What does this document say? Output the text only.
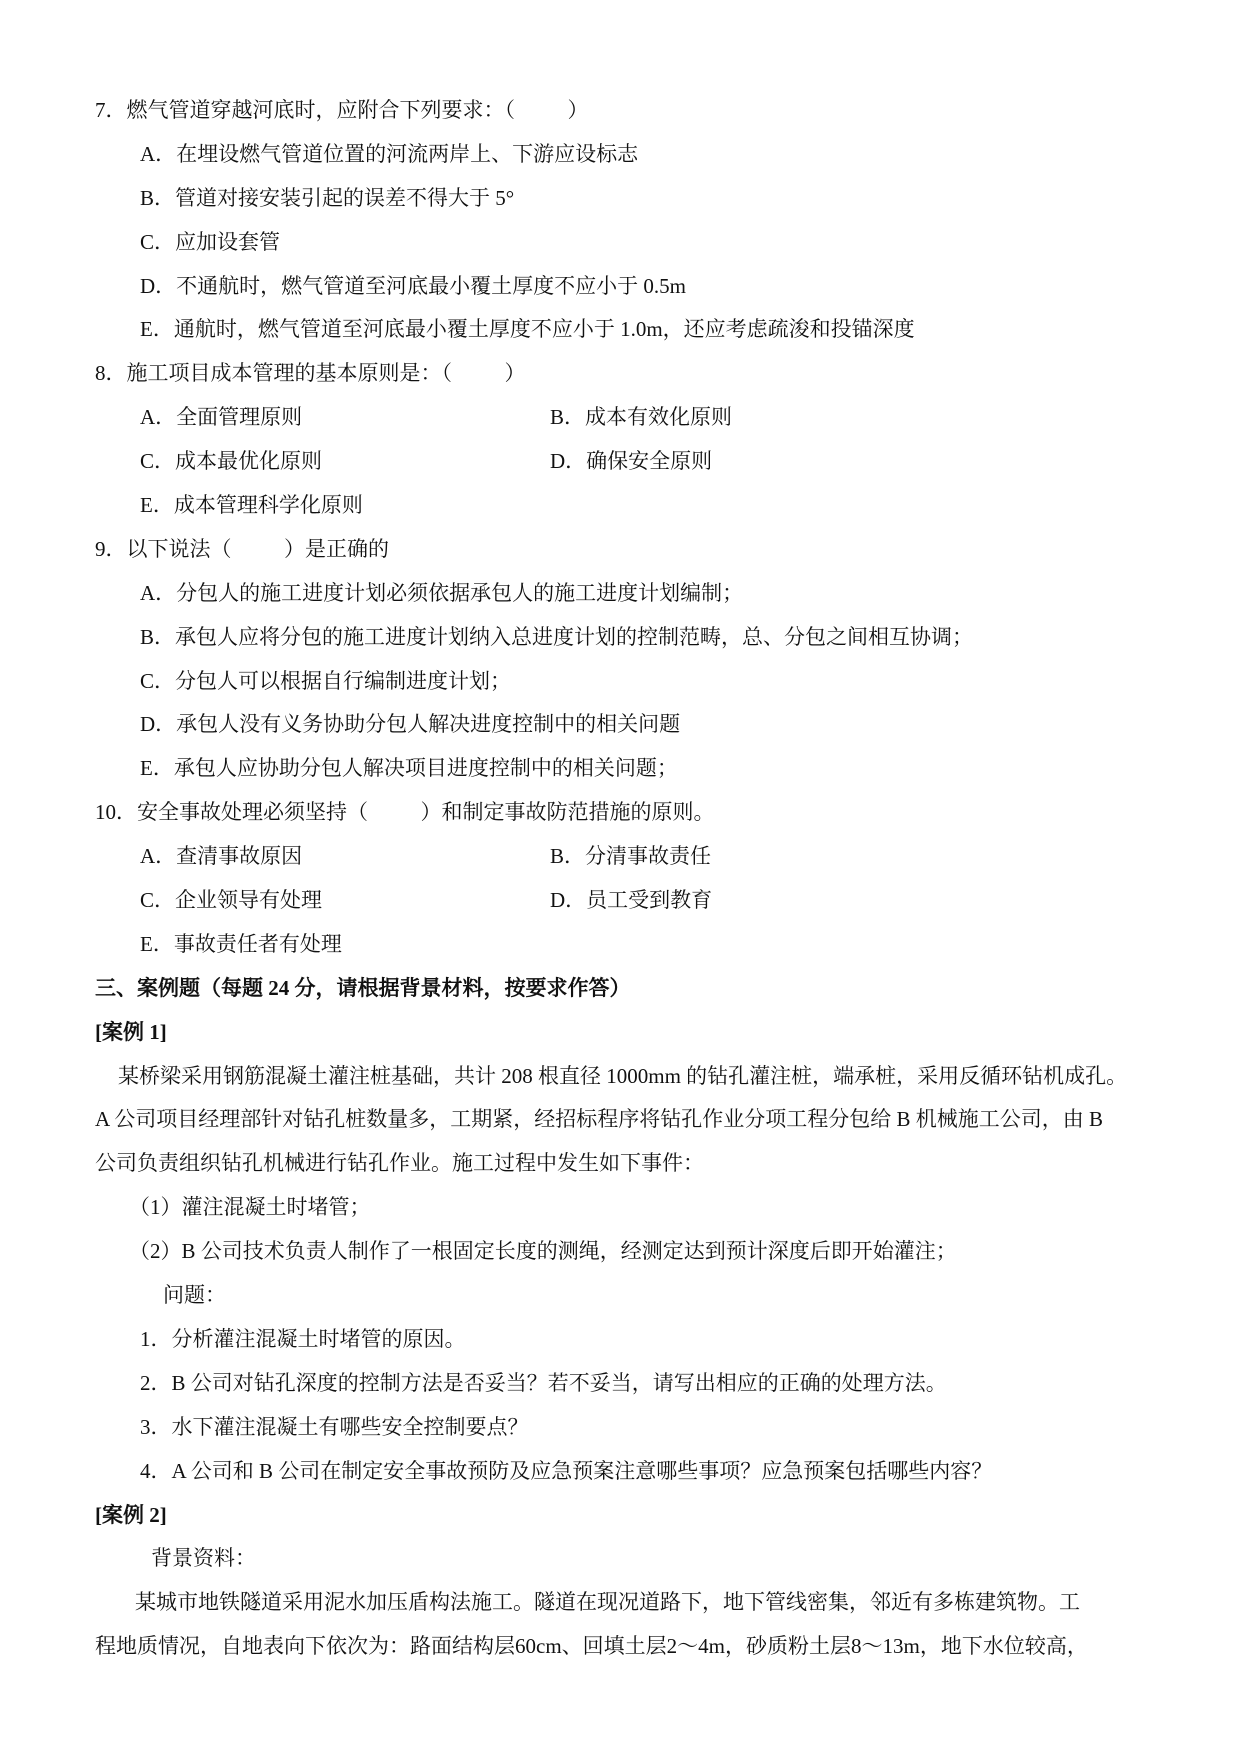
7．燃气管道穿越河底时，应附合下列要求：（          ）
A．在埋设燃气管道位置的河流两岸上、下游应设标志
B．管道对接安装引起的误差不得大于 5°
C．应加设套管
D．不通航时，燃气管道至河底最小覆土厚度不应小于 0.5m
E．通航时，燃气管道至河底最小覆土厚度不应小于 1.0m，还应考虑疏浚和投锚深度
8．施工项目成本管理的基本原则是：（          ）
A．全面管理原则	B．成本有效化原则
C．成本最优化原则	D．确保安全原则
E．成本管理科学化原则
9．以下说法（          ）是正确的
A．分包人的施工进度计划必须依据承包人的施工进度计划编制；
B．承包人应将分包的施工进度计划纳入总进度计划的控制范畴，总、分包之间相互协调；
C．分包人可以根据自行编制进度计划；
D．承包人没有义务协助分包人解决进度控制中的相关问题
E．承包人应协助分包人解决项目进度控制中的相关问题；
10．安全事故处理必须坚持（          ）和制定事故防范措施的原则。
A．查清事故原因	B．分清事故责任
C．企业领导有处理	D．员工受到教育
E．事故责任者有处理
三、案例题（每题 24 分，请根据背景材料，按要求作答）
[案例 1]
某桥梁采用钢筋混凝土灌注桩基础，共计 208 根直径 1000mm 的钻孔灌注桩，端承桩，采用反循环钻机成孔。
A 公司项目经理部针对钻孔桩数量多，工期紧，经招标程序将钻孔作业分项工程分包给 B 机械施工公司，由 B
公司负责组织钻孔机械进行钻孔作业。施工过程中发生如下事件：
（1）灌注混凝土时堵管；
（2）B 公司技术负责人制作了一根固定长度的测绳，经测定达到预计深度后即开始灌注；
问题：
1．分析灌注混凝土时堵管的原因。
2．B 公司对钻孔深度的控制方法是否妥当？若不妥当，请写出相应的正确的处理方法。
3．水下灌注混凝土有哪些安全控制要点？
4．A 公司和 B 公司在制定安全事故预防及应急预案注意哪些事项？应急预案包括哪些内容？
[案例 2]
背景资料：
某城市地铁隧道采用泥水加压盾构法施工。隧道在现况道路下，地下管线密集，邻近有多栋建筑物。工
程地质情况，自地表向下依次为：路面结构层60cm、回填土层2～4m，砂质粉土层8～13m，地下水位较高，
